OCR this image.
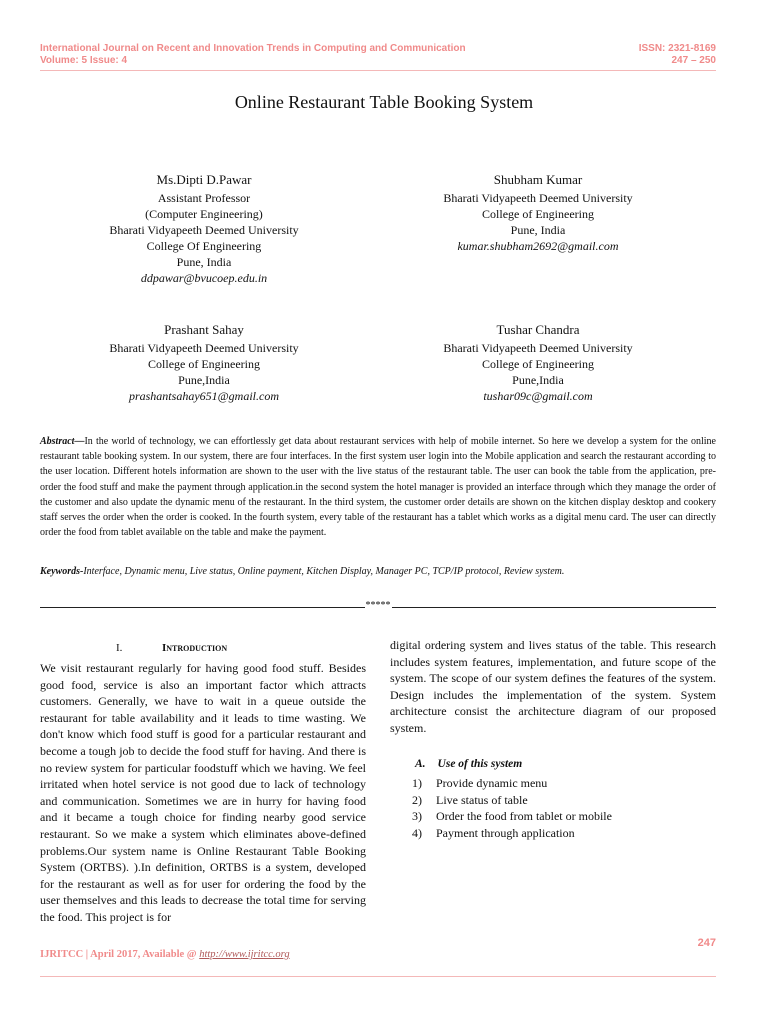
International Journal on Recent and Innovation Trends in Computing and Communication
Volume: 5 Issue: 4
ISSN: 2321-8169
247 – 250
Online Restaurant Table Booking System
Ms.Dipti D.Pawar
Assistant Professor
(Computer Engineering)
Bharati Vidyapeeth Deemed University
College Of Engineering
Pune, India
ddpawar@bvucoep.edu.in
Shubham Kumar
Bharati Vidyapeeth Deemed University
College of Engineering
Pune, India
kumar.shubham2692@gmail.com
Prashant Sahay
Bharati Vidyapeeth Deemed University
College of Engineering
Pune,India
prashantsahay651@gmail.com
Tushar Chandra
Bharati Vidyapeeth Deemed University
College of Engineering
Pune,India
tushar09c@gmail.com
Abstract—In the world of technology, we can effortlessly get data about restaurant services with help of mobile internet. So here we develop a system for the online restaurant table booking system. In our system, there are four interfaces. In the first system user login into the Mobile application and search the restaurant according to the user location. Different hotels information are shown to the user with the live status of the restaurant table. The user can book the table from the application, pre-order the food stuff and make the payment through application.in the second system the hotel manager is provided an interface through which they manage the order of the customer and also update the dynamic menu of the restaurant. In the third system, the customer order details are shown on the kitchen display desktop and cookery staff serves the order when the order is cooked. In the fourth system, every table of the restaurant has a tablet which works as a digital menu card. The user can directly order the food from tablet available on the table and make the payment.
Keywords-Interface, Dynamic menu, Live status, Online payment, Kitchen Display, Manager PC, TCP/IP protocol, Review system.
*****
I.	Introduction
We visit restaurant regularly for having good food stuff. Besides good food, service is also an important factor which attracts customers. Generally, we have to wait in a queue outside the restaurant for table availability and it leads to time wasting. We don't know which food stuff is good for a particular restaurant and become a tough job to decide the food stuff for having. And there is no review system for particular foodstuff which we having. We feel irritated when hotel service is not good due to lack of technology and communication. Sometimes we are in hurry for having food and it became a tough choice for finding nearby good service restaurant. So we make a system which eliminates above-defined problems.Our system name is Online Restaurant Table Booking System (ORTBS). ).In definition, ORTBS is a system, developed for the restaurant as well as for user for ordering the food by the user themselves and this leads to decrease the total time for serving the food. This project is for
digital ordering system and lives status of the table. This research includes system features, implementation, and future scope of the system. The scope of our system defines the features of the system. Design includes the implementation of the system. System architecture consist the architecture diagram of our proposed system.
A. Use of this system
1) Provide dynamic menu
2) Live status of table
3) Order the food from tablet or mobile
4) Payment through application
247
IJRITCC | April 2017, Available @ http://www.ijritcc.org
